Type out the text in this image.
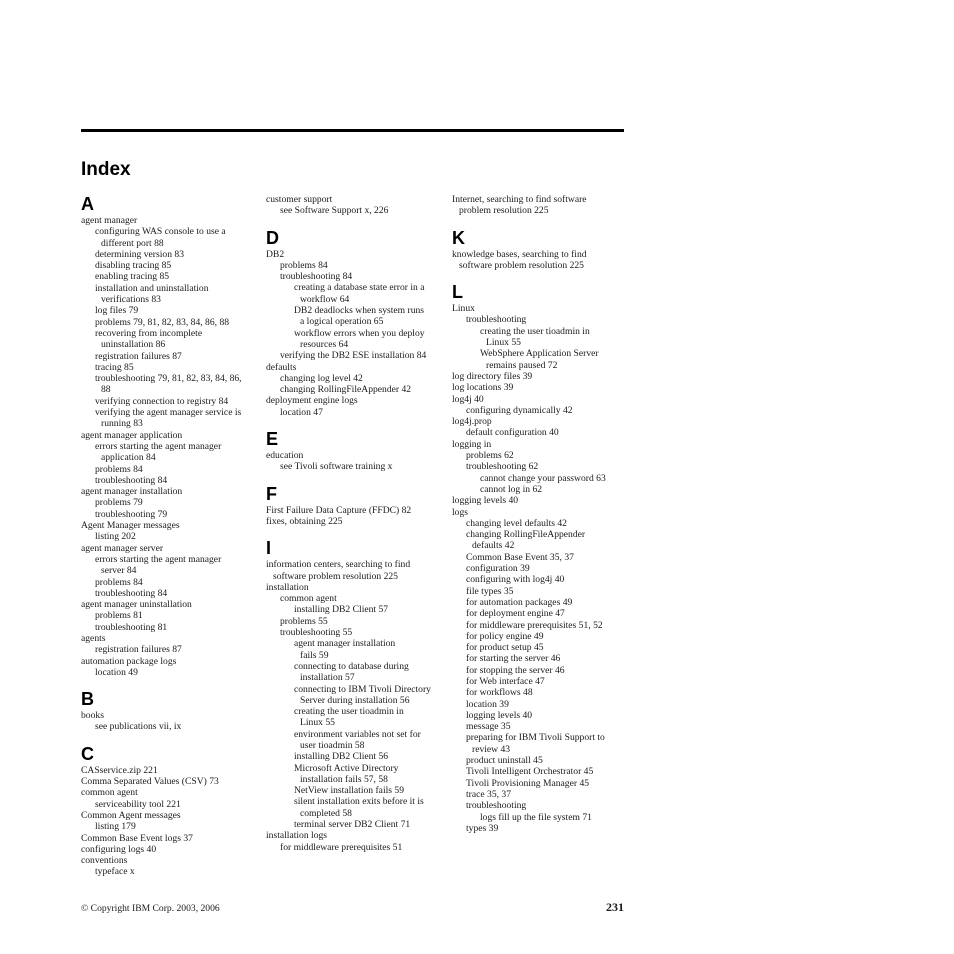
Index
A
agent manager
configuring WAS console to use a
different port 88
determining version 83
disabling tracing 85
enabling tracing 85
installation and uninstallation
verifications 83
log files 79
problems 79, 81, 82, 83, 84, 86, 88
recovering from incomplete
uninstallation 86
registration failures 87
tracing 85
troubleshooting 79, 81, 82, 83, 84, 86,
88
verifying connection to registry 84
verifying the agent manager service is
running 83
agent manager application
errors starting the agent manager
application 84
problems 84
troubleshooting 84
agent manager installation
problems 79
troubleshooting 79
Agent Manager messages
listing 202
agent manager server
errors starting the agent manager
server 84
problems 84
troubleshooting 84
agent manager uninstallation
problems 81
troubleshooting 81
agents
registration failures 87
automation package logs
location 49
B
books
see publications vii, ix
C
CASservice.zip 221
Comma Separated Values (CSV) 73
common agent
serviceability tool 221
Common Agent messages
listing 179
Common Base Event logs 37
configuring logs 40
conventions
typeface x
customer support
see Software Support x, 226
D
DB2
problems 84
troubleshooting 84
creating a database state error in a
workflow 64
DB2 deadlocks when system runs
a logical operation 65
workflow errors when you deploy
resources 64
verifying the DB2 ESE installation 84
defaults
changing log level 42
changing RollingFileAppender 42
deployment engine logs
location 47
E
education
see Tivoli software training x
F
First Failure Data Capture (FFDC) 82
fixes, obtaining 225
I
information centers, searching to find
software problem resolution 225
installation
common agent
installing DB2 Client 57
problems 55
troubleshooting 55
agent manager installation
fails 59
connecting to database during
installation 57
connecting to IBM Tivoli Directory
Server during installation 56
creating the user tioadmin in
Linux 55
environment variables not set for
user tioadmin 58
installing DB2 Client 56
Microsoft Active Directory
installation fails 57, 58
NetView installation fails 59
silent installation exits before it is
completed 58
terminal server DB2 Client 71
installation logs
for middleware prerequisites 51
Internet, searching to find software
problem resolution 225
K
knowledge bases, searching to find
software problem resolution 225
L
Linux
troubleshooting
creating the user tioadmin in
Linux 55
WebSphere Application Server
remains paused 72
log directory files 39
log locations 39
log4j 40
configuring dynamically 42
log4j.prop
default configuration 40
logging in
problems 62
troubleshooting 62
cannot change your password 63
cannot log in 62
logging levels 40
logs
changing level defaults 42
changing RollingFileAppender
defaults 42
Common Base Event 35, 37
configuration 39
configuring with log4j 40
file types 35
for automation packages 49
for deployment engine 47
for middleware prerequisites 51, 52
for policy engine 49
for product setup 45
for starting the server 46
for stopping the server 46
for Web interface 47
for workflows 48
location 39
logging levels 40
message 35
preparing for IBM Tivoli Support to
review 43
product uninstall 45
Tivoli Intelligent Orchestrator 45
Tivoli Provisioning Manager 45
trace 35, 37
troubleshooting
logs fill up the file system 71
types 39
© Copyright IBM Corp. 2003, 2006	231
